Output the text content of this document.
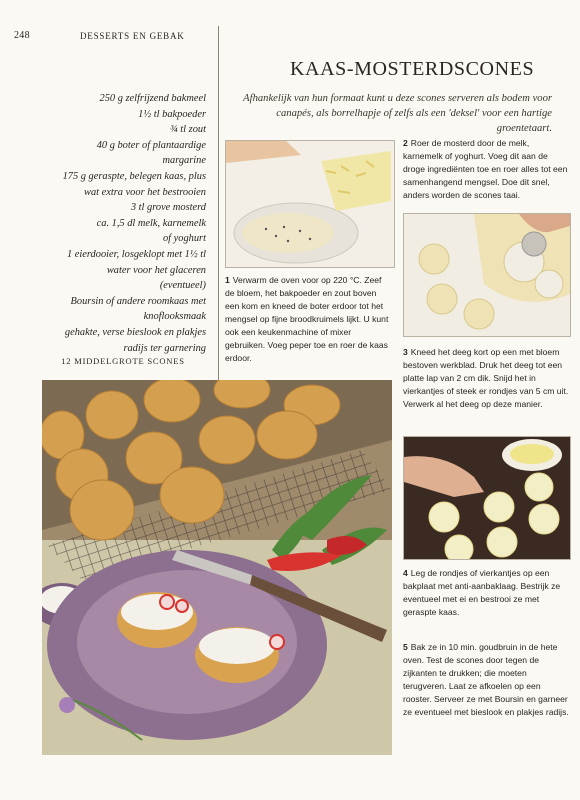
248	DESSERTS EN GEBAK
KAAS-MOSTERDSCONES
Afhankelijk van hun formaat kunt u deze scones serveren als bodem voor canapés, als borrelhapje of zelfs als een 'deksel' voor een hartige groentetaart.
250 g zelfrijzend bakmeel
1½ tl bakpoeder
¾ tl zout
40 g boter of plantaardige
margarine
175 g geraspte, belegen kaas, plus
wat extra voor het bestrooien
3 tl grove mosterd
ca. 1,5 dl melk, karnemelk
of yoghurt
1 eierdooier, losgeklopt met 1½ tl
water voor het glaceren
(eventueel)
Boursin of andere roomkaas met
knoflooksmaak
gehakte, verse bieslook en plakjes
radijs ter garnering
12 MIDDELGROTE SCONES
1 Verwarm de oven voor op 220 °C. Zeef de bloem, het bakpoeder en zout boven een kom en kneed de boter erdoor tot het mengsel op fijne broodkruimels lijkt. U kunt ook een keukenmachine of mixer gebruiken. Voeg peper toe en roer de kaas erdoor.
2 Roer de mosterd door de melk, karnemelk of yoghurt. Voeg dit aan de droge ingrediënten toe en roer alles tot een samenhangend mengsel. Doe dit snel, anders worden de scones taai.
3 Kneed het deeg kort op een met bloem bestoven werkblad. Druk het deeg tot een platte lap van 2 cm dik. Snijd het in vierkantjes of steek er rondjes van 5 cm uit. Verwerk al het deeg op deze manier.
4 Leg de rondjes of vierkantjes op een bakplaat met anti-aanbaklaag. Bestrijk ze eventueel met ei en bestrooi ze met geraspte kaas.
5 Bak ze in 10 min. goudbruin in de hete oven. Test de scones door tegen de zijkanten te drukken; die moeten terugveren. Laat ze afkoelen op een rooster. Serveer ze met Boursin en garneer ze eventueel met bieslook en plakjes radijs.
